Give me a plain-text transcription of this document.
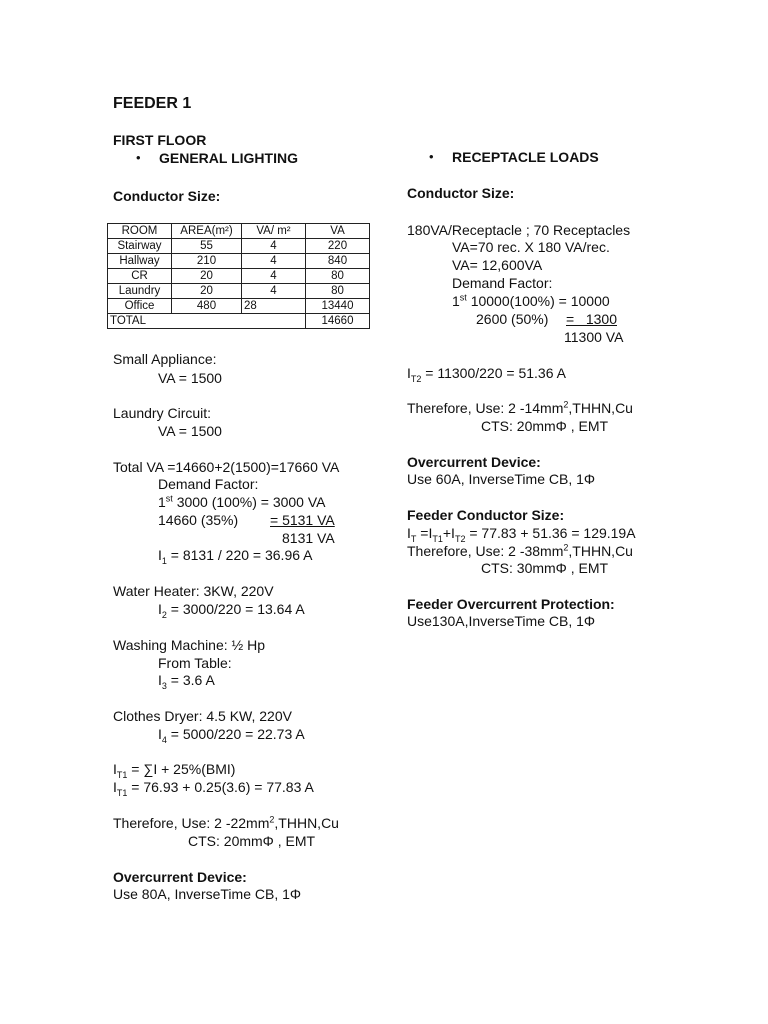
FEEDER 1
FIRST FLOOR
• GENERAL LIGHTING
Conductor Size:
ROOM	AREA(m²)	VA/ m²	VA
Stairway	55	4	220
Hallway	210	4	840
CR	20	4	80
Laundry	20	4	80
Office	480	28	13440
TOTAL			14660
Small Appliance:
VA = 1500
Laundry Circuit:
VA = 1500
Total VA =14660+2(1500)=17660 VA
Demand Factor:
1st 3000 (100%) = 3000 VA
14660 (35%) = 5131 VA
8131 VA
$I_1 = 8131 / 220 = 36.96$ A
Water Heater: 3KW, 220V
$I_2 = 3000/220 = 13.64$ A
Washing Machine: ½ Hp
From Table:
$I_3 = 3.6$ A
Clothes Dryer: 4.5 KW, 220V
$I_4 = 5000/220 = 22.73$ A
$I_{T1} = \sum I + 25\%(BMI)$
$I_{T1} = 76.93 + 0.25(3.6) = 77.83$ A
Therefore, Use: 2 $-22mm^2,THHN,Cu$
CTS: 20mmΦ , EMT
Overcurrent Device:
Use 80A, InverseTime CB, 1Φ
• RECEPTACLE LOADS
Conductor Size:
180VA/Receptacle ; 70 Receptacles
VA=70 rec. X 180 VA/rec.
VA= 12,600VA
Demand Factor:
1st 10000(100%) = 10000
2600 (50%) =   1300
11300 VA
$I_{T2} = 11300/220 = 51.36$ A
Therefore, Use: 2 $-14mm^2,THHN,Cu$
CTS: 20mmΦ , EMT
Overcurrent Device:
Use 60A, InverseTime CB, 1Φ
Feeder Conductor Size:
$I_T =I_{T1}+I_{T2} = 77.83 + 51.36 = 129.19A$
Therefore, Use: 2 $-38mm^2,THHN,Cu$
CTS: 30mmΦ , EMT
Feeder Overcurrent Protection:
Use130A,InverseTime CB, 1Φ
